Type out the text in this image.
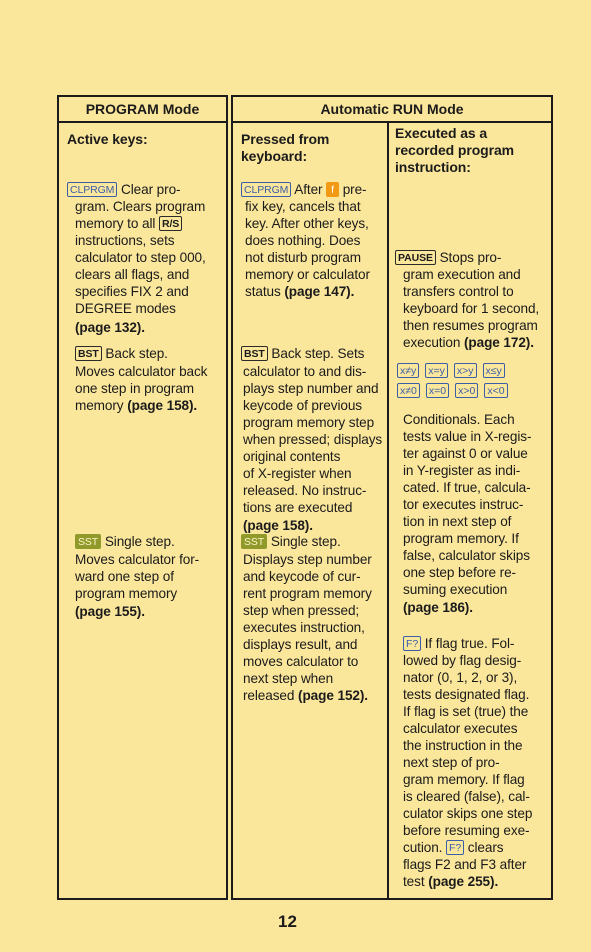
PROGRAM Mode

Active keys:

CLPRGM Clear pro-

gram. Clears program

memory to all R/S

instructions, sets

calculator to step 000,

clears all flags, and

specifies FIX 2 and

DEGREE modes

(page 132).

BST Back step.

Moves calculator back

one step in program

memory (page 158).

SST Single step.

Moves calculator for-

ward one step of

program memory

(page 155).

Automatic RUN Mode

Pressed from

keyboard:

CLPRGM After f pre-

fix key, cancels that

key. After other keys,

does nothing. Does

not disturb program

memory or calculator

status (page 147).

BST Back step. Sets

calculator to and dis-

plays step number and

keycode of previous

program memory step

when pressed; displays

original contents

of X-register when

released. No instruc-

tions are executed

(page 158).

SST Single step.

Displays step number

and keycode of cur-

rent program memory

step when pressed;

executes instruction,

displays result, and

moves calculator to

next step when

released (page 152).

Executed as a

recorded program

instruction:

PAUSE Stops pro-

gram execution and

transfers control to

keyboard for 1 second,

then resumes program

execution (page 172).

x≠y x=y x>y x≤y
x≠0 x=0 x>0 x<0

Conditionals. Each

tests value in X-regis-

ter against 0 or value

in Y-register as indi-

cated. If true, calcula-

tor executes instruc-

tion in next step of

program memory. If

false, calculator skips

one step before re-

suming execution

(page 186).

F? If flag true. Fol-

lowed by flag desig-

nator (0, 1, 2, or 3),

tests designated flag.

If flag is set (true) the

calculator executes

the instruction in the

next step of pro-

gram memory. If flag

is cleared (false), cal-

culator skips one step

before resuming exe-

cution. F? clears

flags F2 and F3 after

test (page 255).

12
